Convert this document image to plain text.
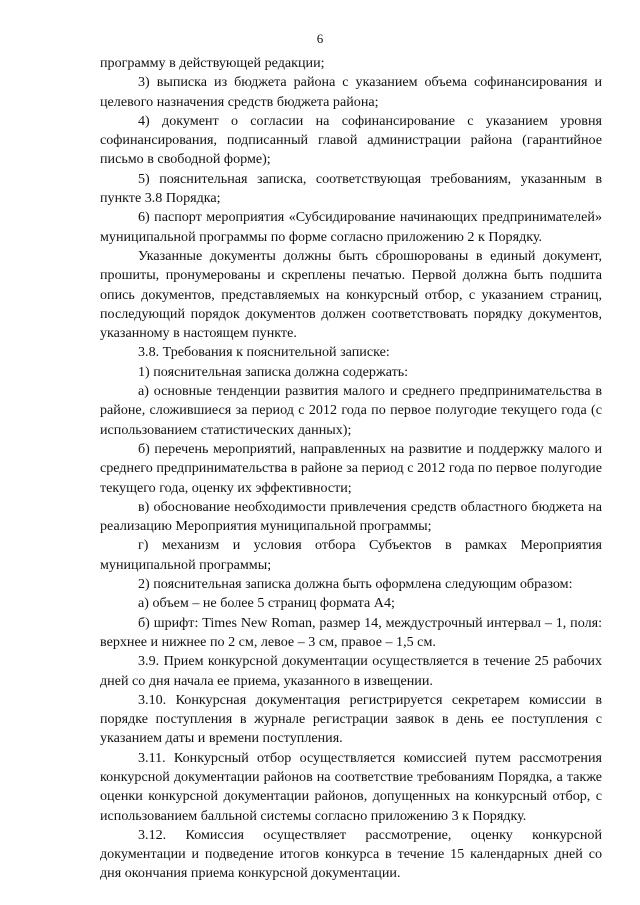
6

программу в действующей редакции;

3) выписка из бюджета района с указанием объема софинансирования и целевого назначения средств бюджета района;

4) документ о согласии на софинансирование с указанием уровня софинансирования, подписанный главой администрации района (гарантийное письмо в свободной форме);

5) пояснительная записка, соответствующая требованиям, указанным в пункте 3.8 Порядка;

6) паспорт мероприятия «Субсидирование начинающих предпринимателей» муниципальной программы по форме согласно приложению 2 к Порядку.

Указанные документы должны быть сброшюрованы в единый документ, прошиты, пронумерованы и скреплены печатью. Первой должна быть подшита опись документов, представляемых на конкурсный отбор, с указанием страниц, последующий порядок документов должен соответствовать порядку документов, указанному в настоящем пункте.

3.8. Требования к пояснительной записке:

1) пояснительная записка должна содержать:

а) основные тенденции развития малого и среднего предпринимательства в районе, сложившиеся за период с 2012 года по первое полугодие текущего года (с использованием статистических данных);

б) перечень мероприятий, направленных на развитие и поддержку малого и среднего предпринимательства в районе за период с 2012 года по первое полугодие текущего года, оценку их эффективности;

в) обоснование необходимости привлечения средств областного бюджета на реализацию Мероприятия муниципальной программы;

г) механизм и условия отбора Субъектов в рамках Мероприятия муниципальной программы;

2) пояснительная записка должна быть оформлена следующим образом:

а) объем – не более 5 страниц формата А4;

б) шрифт: Times New Roman, размер 14, междустрочный интервал – 1, поля: верхнее и нижнее по 2 см, левое – 3 см, правое – 1,5 см.

3.9. Прием конкурсной документации осуществляется в течение 25 рабочих дней со дня начала ее приема, указанного в извещении.

3.10. Конкурсная документация регистрируется секретарем комиссии в порядке поступления в журнале регистрации заявок в день ее поступления с указанием даты и времени поступления.

3.11. Конкурсный отбор осуществляется комиссией путем рассмотрения конкурсной документации районов на соответствие требованиям Порядка, а также оценки конкурсной документации районов, допущенных на конкурсный отбор, с использованием балльной системы согласно приложению 3 к Порядку.

3.12. Комиссия осуществляет рассмотрение, оценку конкурсной документации и подведение итогов конкурса в течение 15 календарных дней со дня окончания приема конкурсной документации.
